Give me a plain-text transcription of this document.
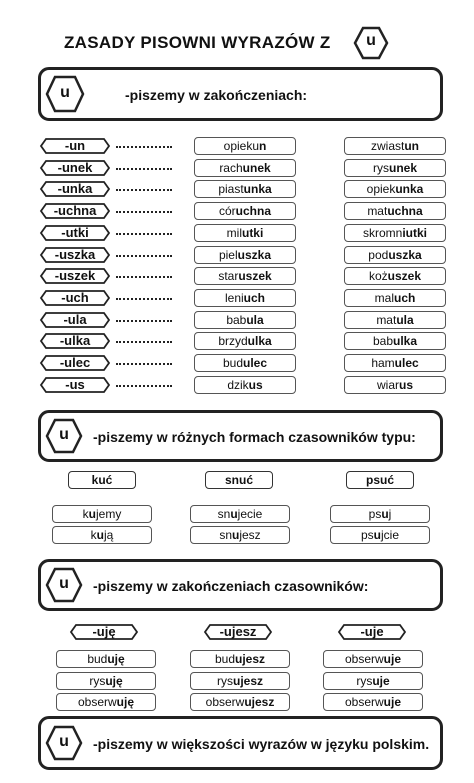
ZASADY PISOWNI WYRAZÓW Z	u
u	-piszemy w zakończeniach:
-un	opiekun	zwiastun
-unek	rachunek	rysunek
-unka	piastunka	opiekunka
-uchna	córuchna	matuchna
-utki	milutki	skromniutki
-uszka	pieluszka	poduszka
-uszek	staruszek	kożuszek
-uch	leniuch	maluch
-ula	babula	matula
-ulka	brzydulka	babulka
-ulec	budulec	hamulec
-us	dzikus	wiarus
u	-piszemy w różnych formach czasowników typu:
kuć	snuć	psuć
kujemy	snujecie	psuj
kują	snujesz	psujcie
u	-piszemy w zakończeniach czasowników:
-uję	-ujesz	-uje
buduję	budujesz	obserwuje
rysuję	rysujesz	rysuje
obserwuję	obserwujesz	obserwuje
u	-piszemy w większości wyrazów w języku polskim.
